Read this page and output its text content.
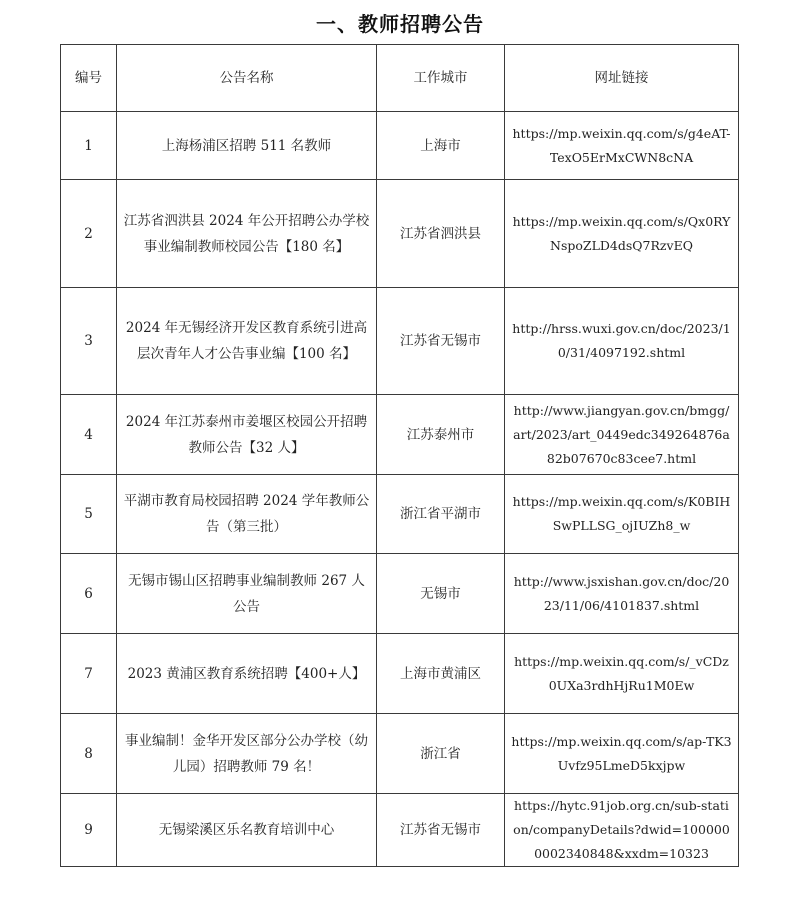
一、教师招聘公告
编号	公告名称	工作城市	网址链接
1	上海杨浦区招聘 511 名教师	上海市	https://mp.weixin.qq.com/s/g4eAT-TexO5ErMxCWN8cNA
2	江苏省泗洪县 2024 年公开招聘公办学校事业编制教师校园公告【180 名】	江苏省泗洪县	https://mp.weixin.qq.com/s/Qx0RYNspoZLD4dsQ7RzvEQ
3	2024 年无锡经济开发区教育系统引进高层次青年人才公告事业编【100 名】	江苏省无锡市	http://hrss.wuxi.gov.cn/doc/2023/10/31/4097192.shtml
4	2024 年江苏泰州市姜堰区校园公开招聘教师公告【32 人】	江苏泰州市	http://www.jiangyan.gov.cn/bmgg/art/2023/art_0449edc349264876a82b07670c83cee7.html
5	平湖市教育局校园招聘 2024 学年教师公告（第三批）	浙江省平湖市	https://mp.weixin.qq.com/s/K0BIHSwPLLSG_ojIUZh8_w
6	无锡市锡山区招聘事业编制教师 267 人公告	无锡市	http://www.jsxishan.gov.cn/doc/2023/11/06/4101837.shtml
7	2023 黄浦区教育系统招聘【400+人】	上海市黄浦区	https://mp.weixin.qq.com/s/_vCDz0UXa3rdhHjRu1M0Ew
8	事业编制！金华开发区部分公办学校（幼儿园）招聘教师 79 名！	浙江省	https://mp.weixin.qq.com/s/ap-TK3Uvfz95LmeD5kxjpw
9	无锡梁溪区乐名教育培训中心	江苏省无锡市	https://hytc.91job.org.cn/sub-station/companyDetails?dwid=1000000002340848&xxdm=10323
